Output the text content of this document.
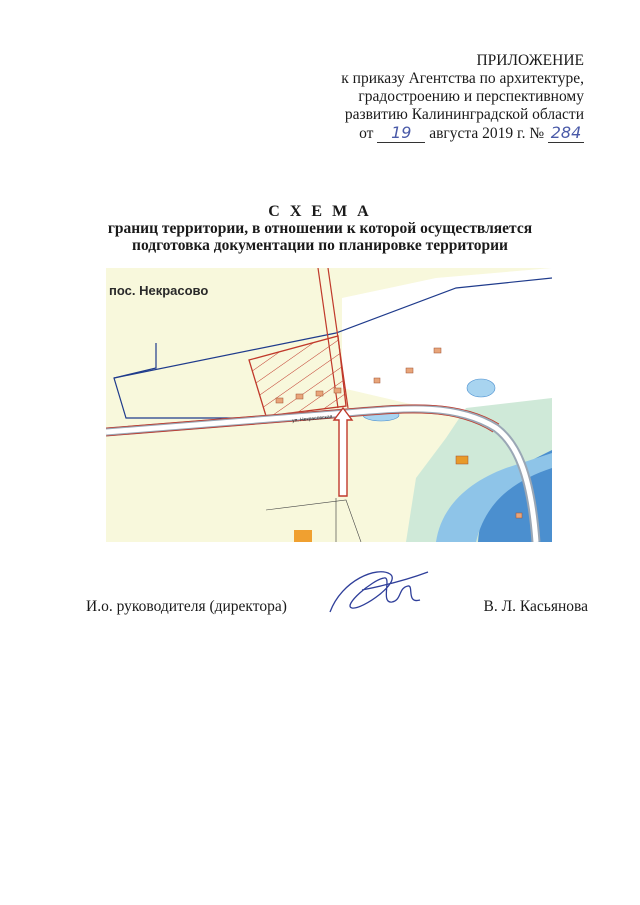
ПРИЛОЖЕНИЕ
к приказу Агентства по архитектуре,
градостроению и перспективному
развитию Калининградской области
от 19 августа 2019 г. № 284
С Х Е М А
границ территории, в отношении к которой осуществляется
подготовка документации по планировке территории
пос. Некрасово
ул. Некрасовская
И.о. руководителя (директора)	В. Л. Касьянова
